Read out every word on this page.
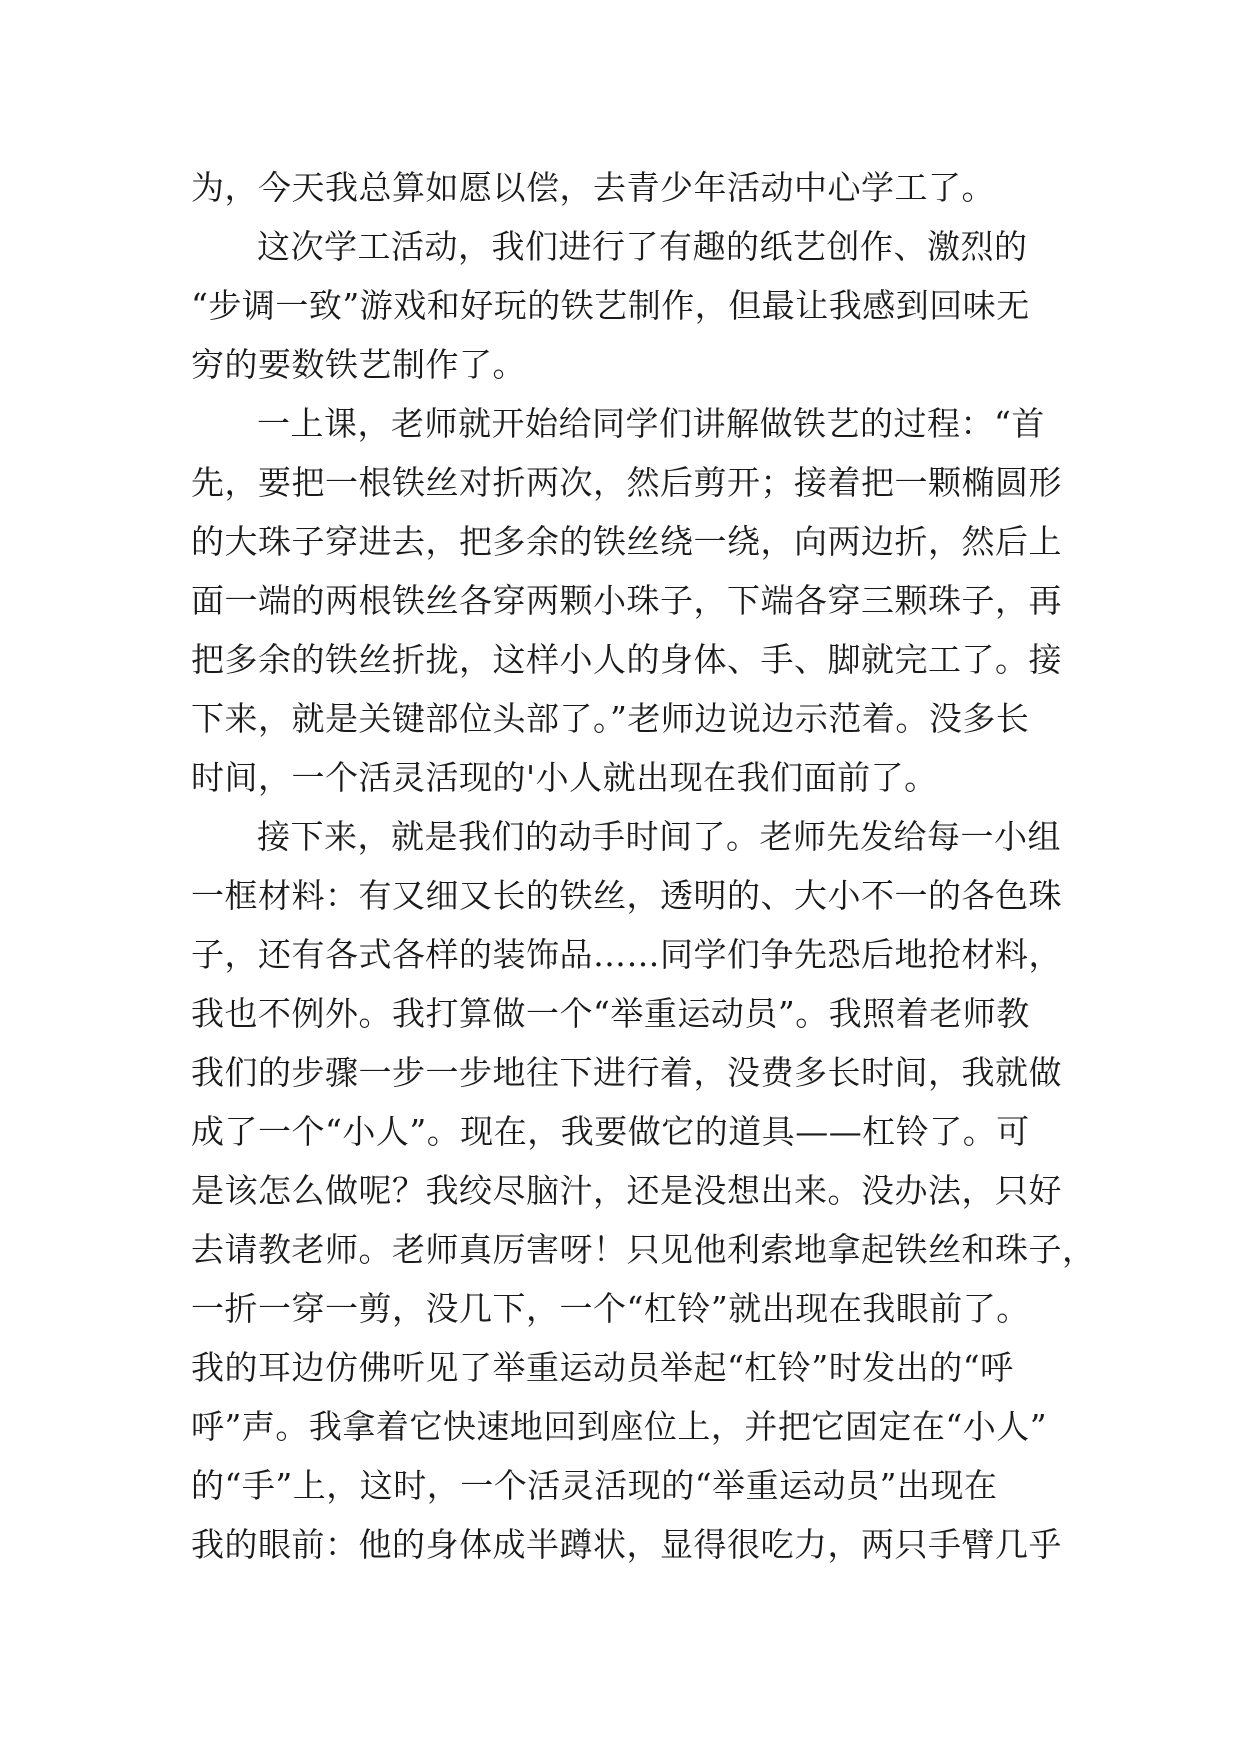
为，今天我总算如愿以偿，去青少年活动中心学工了。
这次学工活动，我们进行了有趣的纸艺创作、激烈的
“步调一致”游戏和好玩的铁艺制作，但最让我感到回味无
穷的要数铁艺制作了。
一上课，老师就开始给同学们讲解做铁艺的过程：“首
先，要把一根铁丝对折两次，然后剪开；接着把一颗椭圆形
的大珠子穿进去，把多余的铁丝绕一绕，向两边折，然后上
面一端的两根铁丝各穿两颗小珠子，下端各穿三颗珠子，再
把多余的铁丝折拢，这样小人的身体、手、脚就完工了。接
下来，就是关键部位头部了。”老师边说边示范着。没多长
时间，一个活灵活现的'小人就出现在我们面前了。
接下来，就是我们的动手时间了。老师先发给每一小组
一框材料：有又细又长的铁丝，透明的、大小不一的各色珠
子，还有各式各样的装饰品……同学们争先恐后地抢材料，
我也不例外。我打算做一个“举重运动员”。我照着老师教
我们的步骤一步一步地往下进行着，没费多长时间，我就做
成了一个“小人”。现在，我要做它的道具——杠铃了。可
是该怎么做呢？我绞尽脑汁，还是没想出来。没办法，只好
去请教老师。老师真厉害呀！只见他利索地拿起铁丝和珠子，
一折一穿一剪，没几下，一个“杠铃”就出现在我眼前了。
我的耳边仿佛听见了举重运动员举起“杠铃”时发出的“呼
呼”声。我拿着它快速地回到座位上，并把它固定在“小人”
的“手”上，这时，一个活灵活现的“举重运动员”出现在
我的眼前：他的身体成半蹲状，显得很吃力，两只手臂几乎
